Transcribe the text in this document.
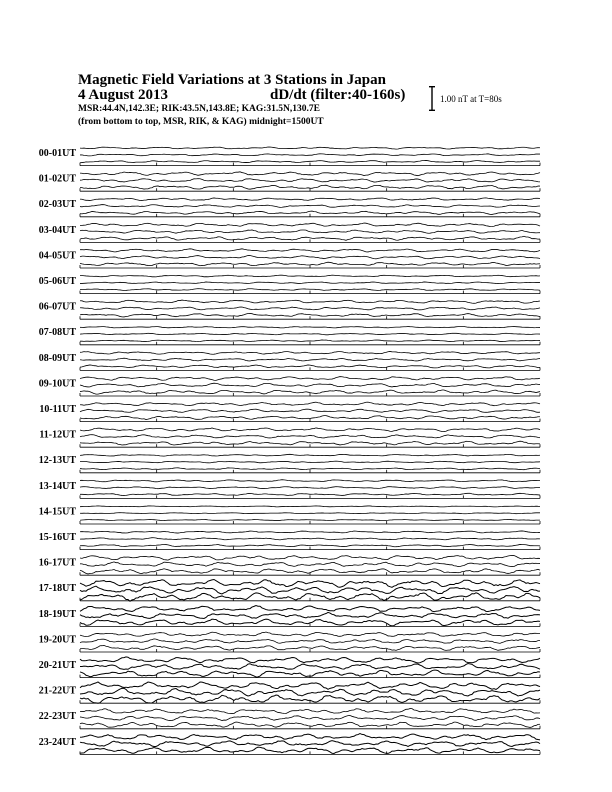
Magnetic Field Variations at 3 Stations in Japan
4 August 2013	dD/dt (filter:40-160s)
MSR:44.4N,142.3E; RIK:43.5N,143.8E; KAG:31.5N,130.7E
(from bottom to top, MSR, RIK, & KAG) midnight=1500UT
1.00 nT at T=80s
00-01UT
01-02UT
02-03UT
03-04UT
04-05UT
05-06UT
06-07UT
07-08UT
08-09UT
09-10UT
10-11UT
11-12UT
12-13UT
13-14UT
14-15UT
15-16UT
16-17UT
17-18UT
18-19UT
19-20UT
20-21UT
21-22UT
22-23UT
23-24UT
